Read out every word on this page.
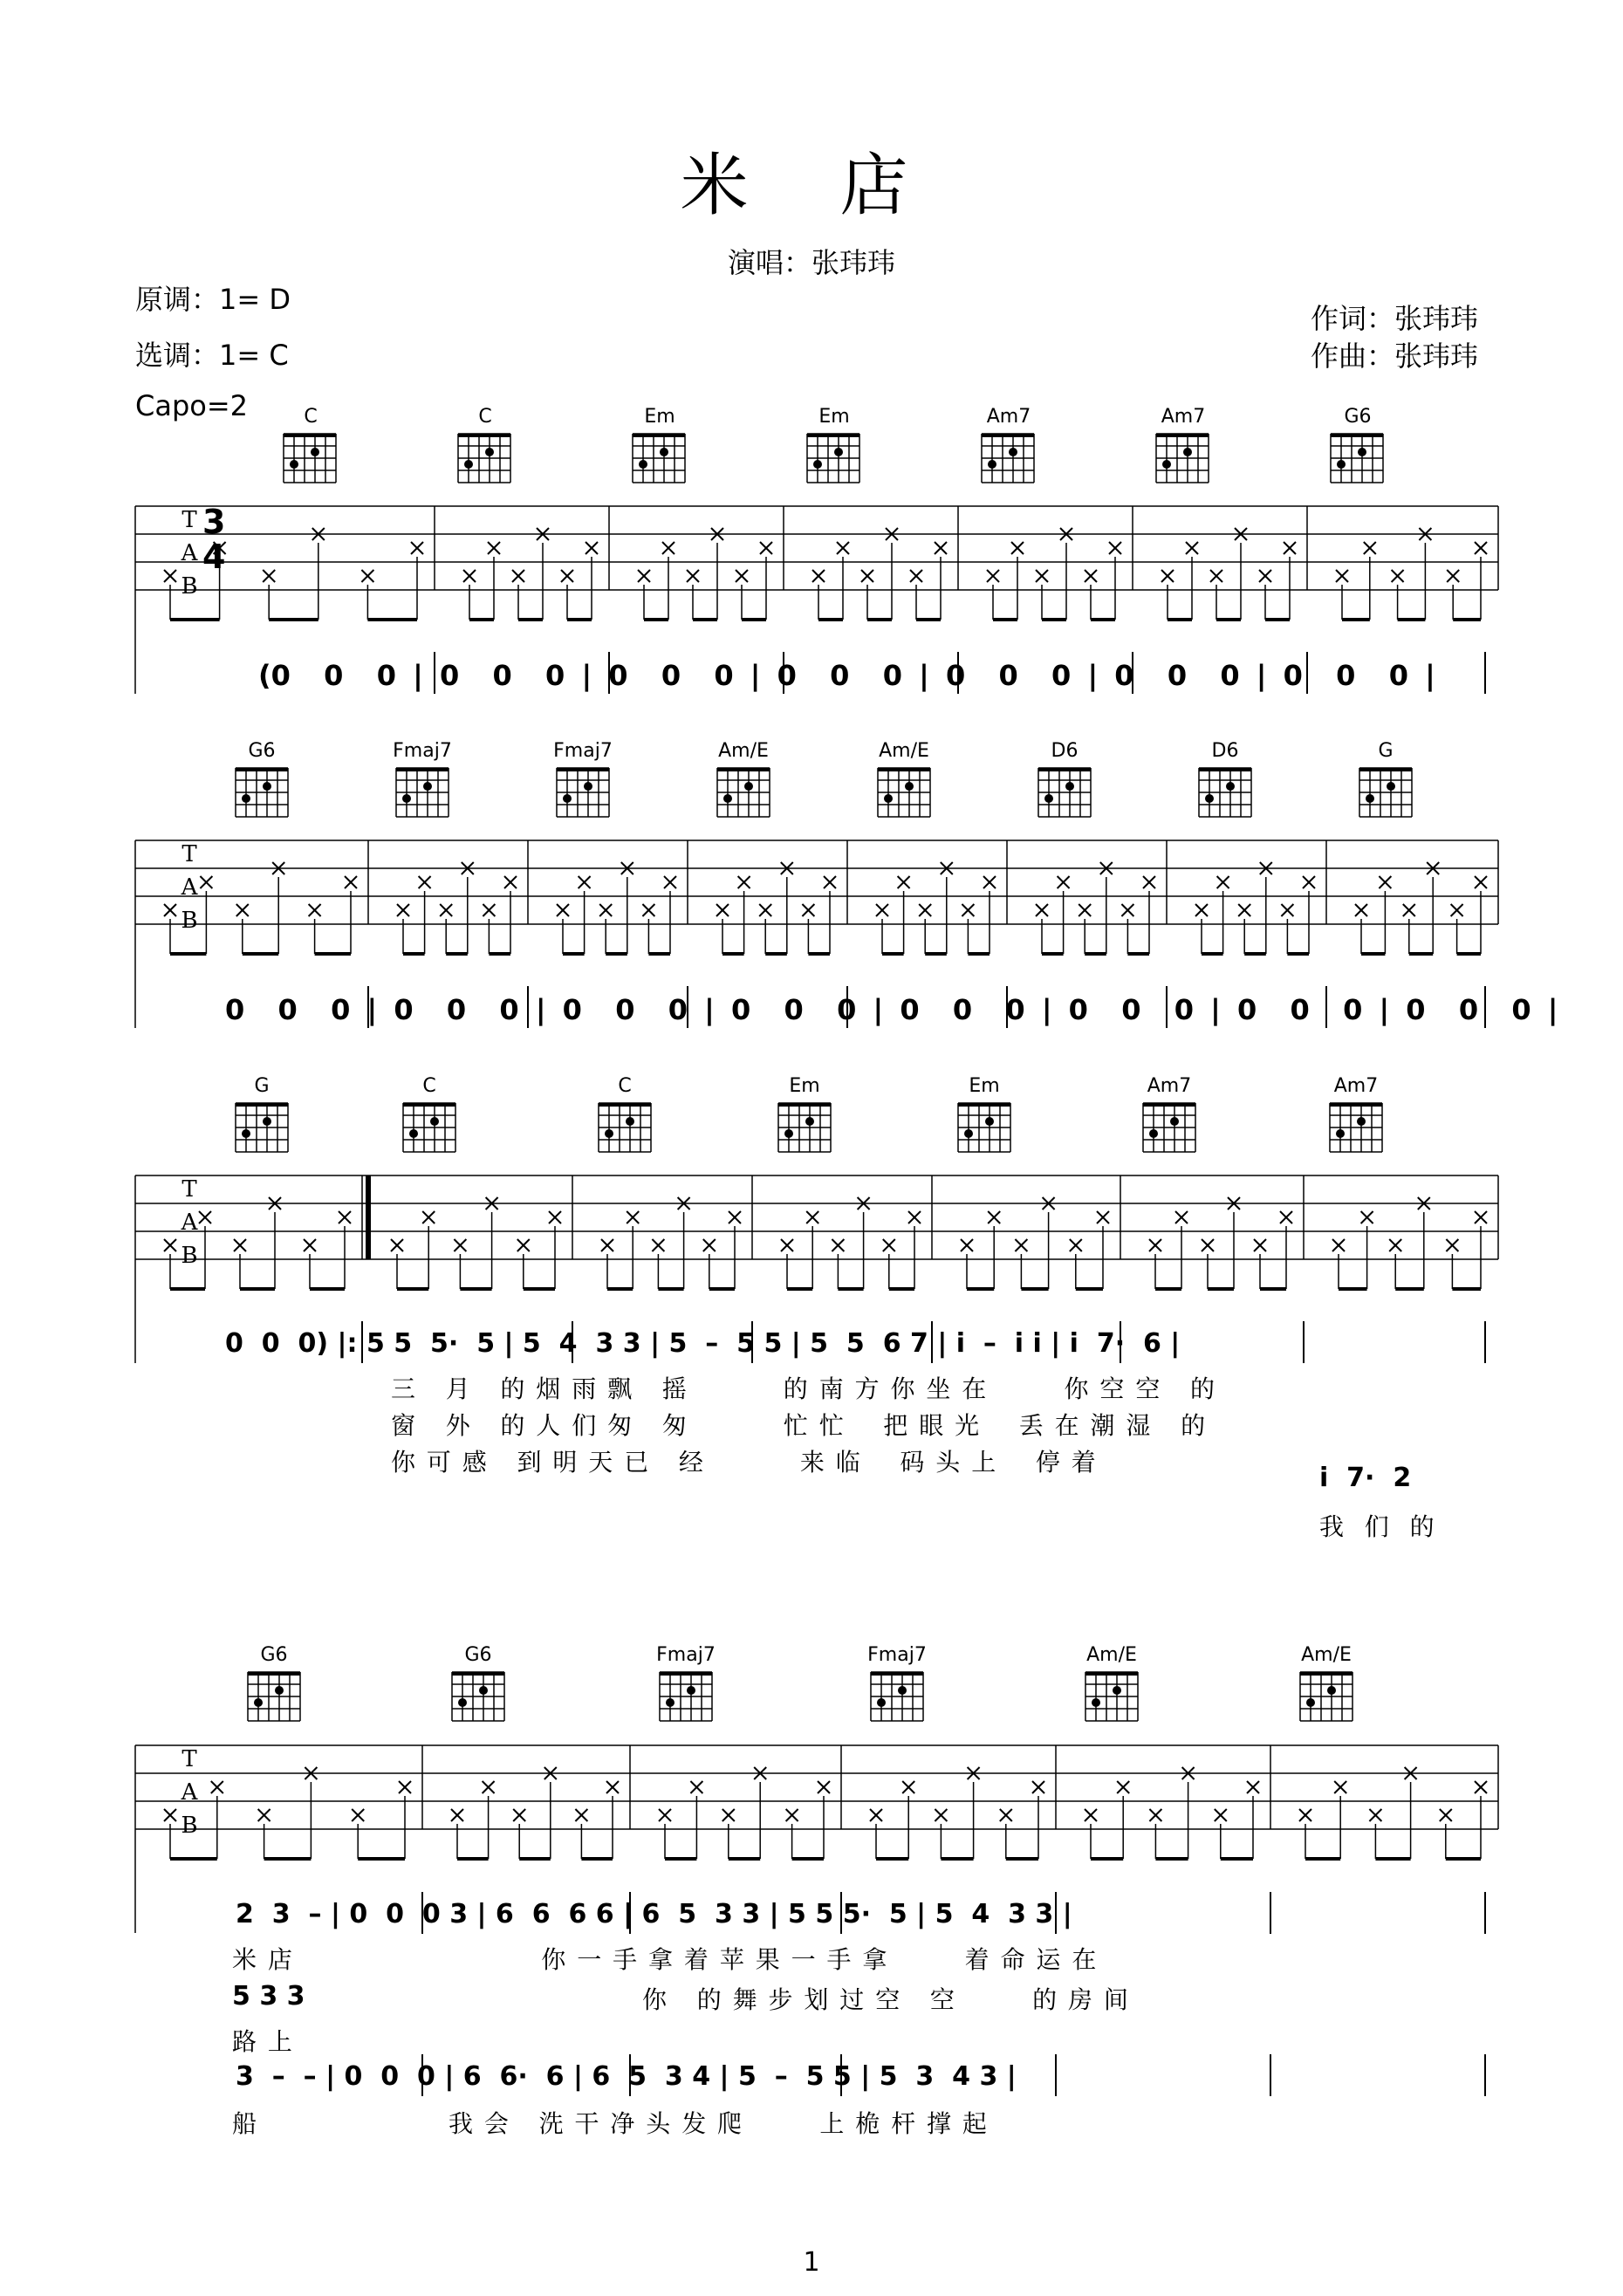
米 店
演唱：张玮玮
原调：1= D
选调：1= C
Capo=2
作词：张玮玮
作曲：张玮玮
T
A
B
T
A
B
T
A
B
T
A
B
C	C	Em	Em	Am7	Am7	G6
3
4
(0  0  0 | 0  0  0 | 0  0  0 | 0  0  0 | 0  0  0 | 0  0  0 | 0  0  0 |
G6	Fmaj7	Fmaj7	Am/E	Am/E	D6	D6	G
0  0  0 | 0  0  0 | 0  0  0 | 0  0  0 | 0  0  0 | 0  0  0 | 0  0  0 | 0  0  0 |
G	C	C	Em	Em	Am7	Am7
0  0  0) |: 5 5  5·  5 | 5  4  3 3 | 5  –  5 5 | 5  5  6 7 | i  –  i i | i  7·  6 |
三   月   的 烟 雨 飘   摇          的 南 方 你 坐 在        你 空 空   的
窗   外   的 人 们 匆   匆          忙 忙    把 眼 光    丢 在 潮 湿   的
你 可 感   到 明 天 已   经          来 临    码 头 上    停 着
i  7·  2
我  们  的
G6	G6	Fmaj7	Fmaj7	Am/E	Am/E
2  3  – | 0  0  0 3 | 6  6  6 6 | 6  5  3 3 | 5 5 5·  5 | 5  4  3 3 |
米 店                          你 一 手 拿 着 苹 果 一 手 拿        着 命 运 在
5 3 3	你   的 舞 步 划 过 空   空        的 房 间
路 上
3  –  – | 0  0  0 | 6  6·  6 | 6  5  3 4 | 5  –  5 5 | 5  3  4 3 |
船                    我 会   洗 干 净 头 发 爬        上 桅 杆 撑 起
1
